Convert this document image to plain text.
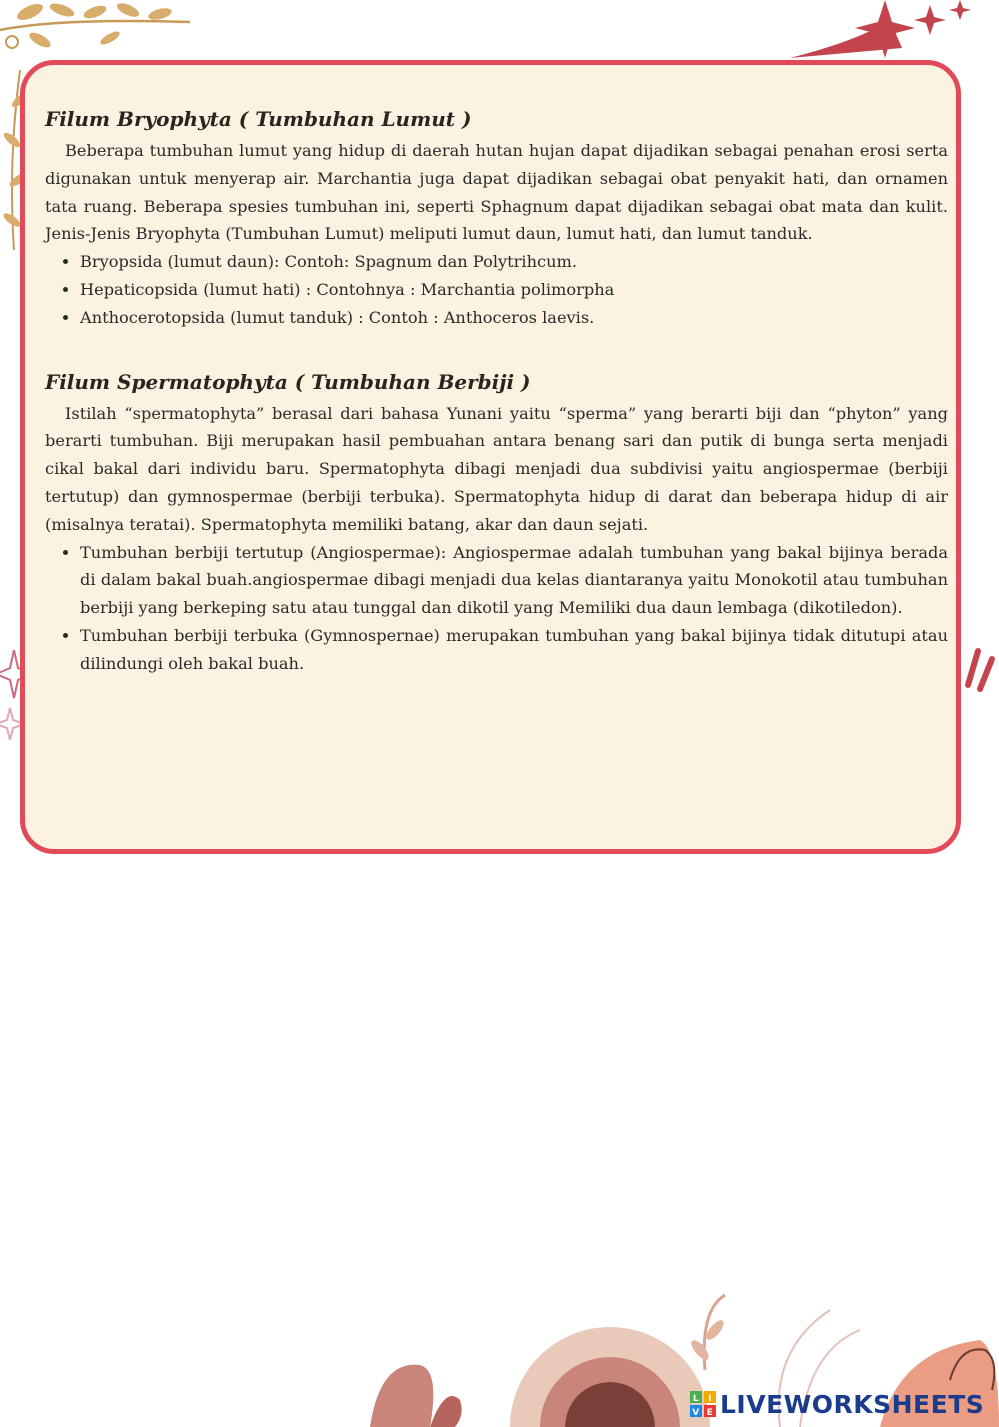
Filum Bryophyta ( Tumbuhan Lumut )

Beberapa tumbuhan lumut yang hidup di daerah hutan hujan dapat dijadikan sebagai penahan erosi serta digunakan untuk menyerap air. Marchantia juga dapat dijadikan sebagai obat penyakit hati, dan ornamen tata ruang. Beberapa spesies tumbuhan ini, seperti Sphagnum dapat dijadikan sebagai obat mata dan kulit. Jenis-Jenis Bryophyta (Tumbuhan Lumut) meliputi lumut daun, lumut hati, dan lumut tanduk.

• Bryopsida (lumut daun): Contoh: Spagnum dan Polytrihcum.
• Hepaticopsida (lumut hati) : Contohnya : Marchantia polimorpha
• Anthocerotopsida (lumut tanduk) : Contoh : Anthoceros laevis.
Filum Spermatophyta ( Tumbuhan Berbiji )

Istilah “spermatophyta” berasal dari bahasa Yunani yaitu “sperma” yang berarti biji dan “phyton” yang berarti tumbuhan. Biji merupakan hasil pembuahan antara benang sari dan putik di bunga serta menjadi cikal bakal dari individu baru. Spermatophyta dibagi menjadi dua subdivisi yaitu angiospermae (berbiji tertutup) dan gymnospermae (berbiji terbuka). Spermatophyta hidup di darat dan beberapa hidup di air (misalnya teratai). Spermatophyta memiliki batang, akar dan daun sejati.

• Tumbuhan berbiji tertutup (Angiospermae): Angiospermae adalah tumbuhan yang bakal bijinya berada di dalam bakal buah.angiospermae dibagi menjadi dua kelas diantaranya yaitu Monokotil atau tumbuhan berbiji yang berkeping satu atau tunggal dan dikotil yang Memiliki dua daun lembaga (dikotiledon).
• Tumbuhan berbiji terbuka (Gymnospernae) merupakan tumbuhan yang bakal bijinya tidak ditutupi atau dilindungi oleh bakal buah.
L I
V E LIVEWORKSHEETS
